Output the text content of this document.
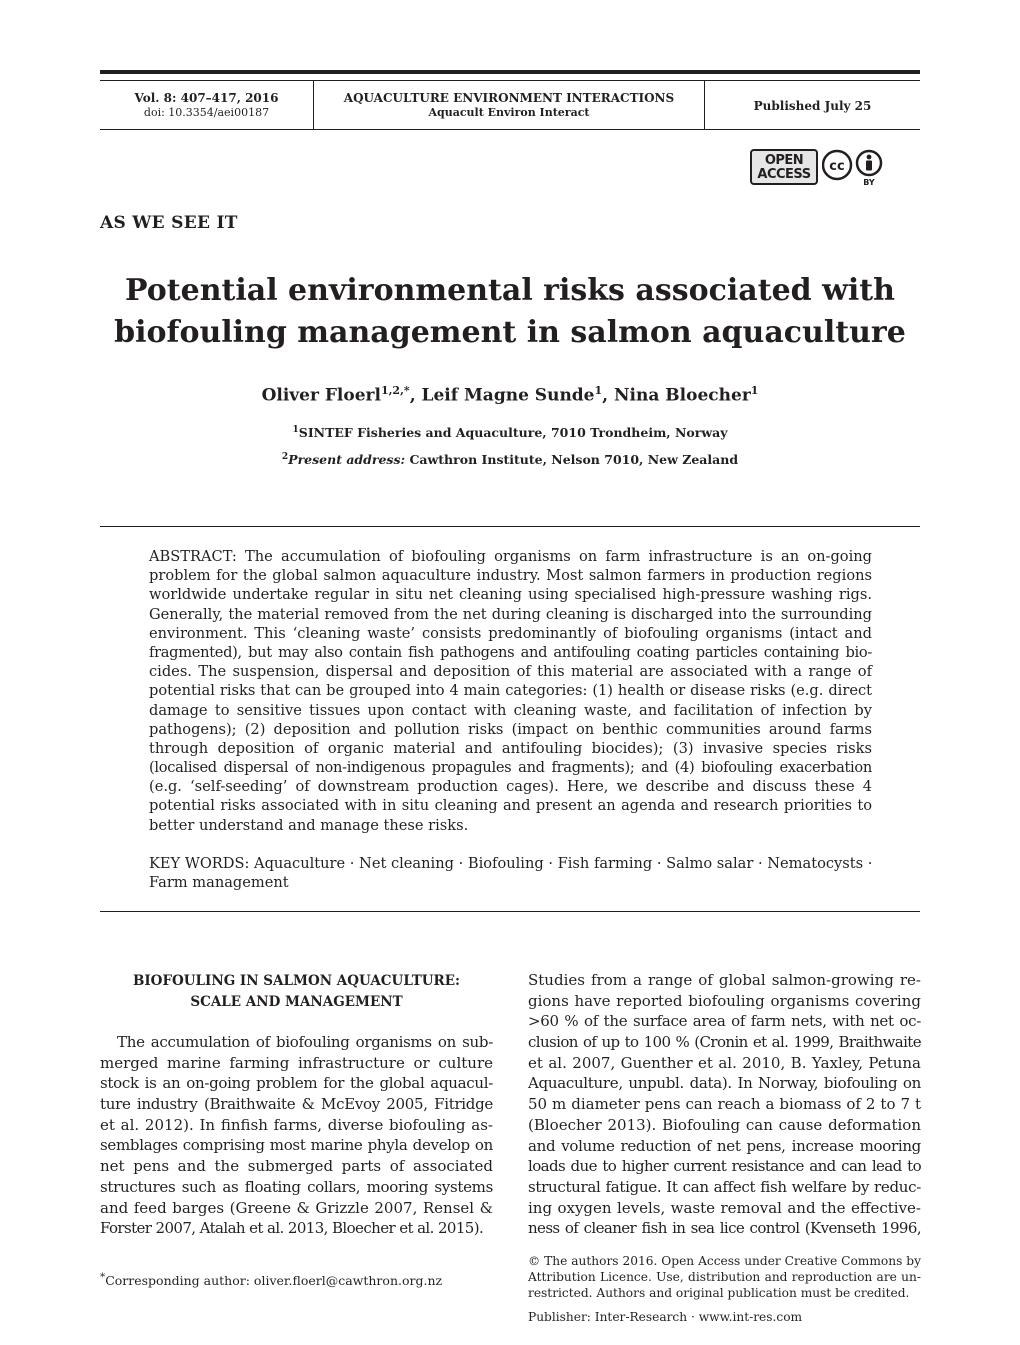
Vol. 8: 407–417, 2016
doi: 10.3354/aei00187
AQUACULTURE ENVIRONMENT INTERACTIONS
Aquacult Environ Interact	Published July 25
OPEN
ACCESS
cc
BY
AS WE SEE IT
Potential environmental risks associated with
biofouling management in salmon aquaculture
Oliver Floerl$^{1,2,*}$, Leif Magne Sunde$^1$, Nina Bloecher$^1$
$^1$SINTEF Fisheries and Aquaculture, 7010 Trondheim, Norway
$^2$Present address: Cawthron Institute, Nelson 7010, New Zealand
ABSTRACT: The accumulation of biofouling organisms on farm infrastructure is an on-going
problem for the global salmon aquaculture industry. Most salmon farmers in production regions
worldwide undertake regular in situ net cleaning using specialised high-pressure washing rigs.
Generally, the material removed from the net during cleaning is discharged into the surrounding
environment. This ‘cleaning waste’ consists predominantly of biofouling organisms (intact and
fragmented), but may also contain fish pathogens and antifouling coating particles containing bio-
cides. The suspension, dispersal and deposition of this material are associated with a range of
potential risks that can be grouped into 4 main categories: (1) health or disease risks (e.g. direct
damage to sensitive tissues upon contact with cleaning waste, and facilitation of infection by
pathogens); (2) deposition and pollution risks (impact on benthic communities around farms
through deposition of organic material and antifouling biocides); (3) invasive species risks
(localised dispersal of non-indigenous propagules and fragments); and (4) biofouling exacerbation
(e.g. ‘self-seeding’ of downstream production cages). Here, we describe and discuss these 4
potential risks associated with in situ cleaning and present an agenda and research priorities to
better understand and manage these risks.
KEY WORDS: Aquaculture · Net cleaning · Biofouling · Fish farming · Salmo salar · Nematocysts ·
Farm management
BIOFOULING IN SALMON AQUACULTURE:
SCALE AND MANAGEMENT
The accumulation of biofouling organisms on sub-
merged marine farming infrastructure or culture
stock is an on-going problem for the global aquacul-
ture industry (Braithwaite & McEvoy 2005, Fitridge
et al. 2012). In finfish farms, diverse biofouling as-
semblages comprising most marine phyla develop on
net pens and the submerged parts of associated
structures such as floating collars, mooring systems
and feed barges (Greene & Grizzle 2007, Rensel &
Forster 2007, Atalah et al. 2013, Bloecher et al. 2015).
Studies from a range of global salmon-growing re-
gions have reported biofouling organisms covering
>60 % of the surface area of farm nets, with net oc-
clusion of up to 100 % (Cronin et al. 1999, Braithwaite
et al. 2007, Guenther et al. 2010, B. Yaxley, Petuna
Aquaculture, unpubl. data). In Norway, biofouling on
50 m diameter pens can reach a biomass of 2 to 7 t
(Bloecher 2013). Biofouling can cause deformation
and volume reduction of net pens, increase mooring
loads due to higher current resistance and can lead to
structural fatigue. It can affect fish welfare by reduc-
ing oxygen levels, waste removal and the effective-
ness of cleaner fish in sea lice control (Kvenseth 1996,
*Corresponding author: oliver.floerl@cawthron.org.nz
© The authors 2016. Open Access under Creative Commons by
Attribution Licence. Use, distribution and reproduction are un-
restricted. Authors and original publication must be credited.
Publisher: Inter-Research · www.int-res.com
